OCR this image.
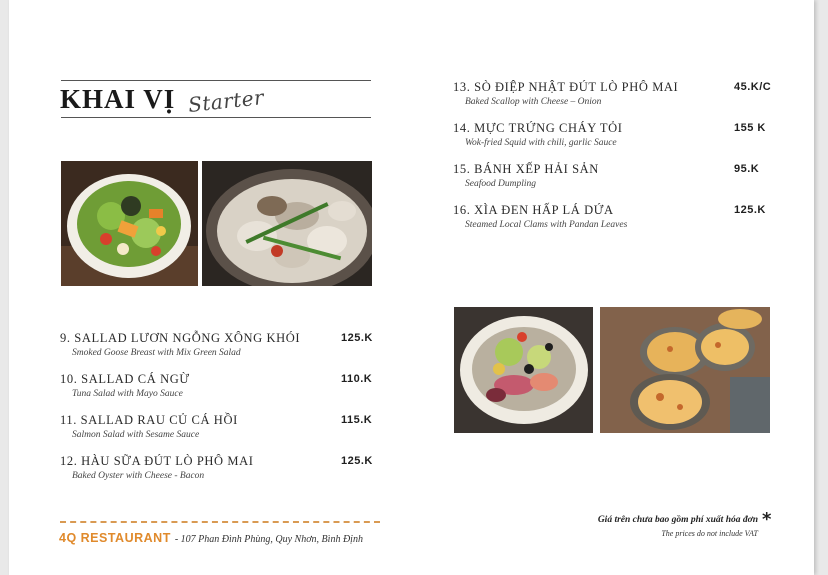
KHAI VỊ Starter
9. SALLAD LƯƠN NGỖNG XÔNG KHÓI
Smoked Goose Breast with Mix Green Salad
125.K
10. SALLAD CÁ NGỪ
Tuna Salad with Mayo Sauce
110.K
11. SALLAD RAU CỦ CÁ HỒI
Salmon Salad with Sesame Sauce
115.K
12. HÀU SỮA ĐÚT LÒ PHÔ MAI
Baked Oyster with Cheese - Bacon
125.K
13. SÒ ĐIỆP NHẬT ĐÚT LÒ PHÔ MAI
Baked Scallop with Cheese – Onion
45.K/C
14. MỰC TRỨNG CHÁY TỎI
Wok-fried Squid with chili, garlic Sauce
155 K
15. BÁNH XẾP HẢI SẢN
Seafood Dumpling
95.K
16. XÌA ĐEN HẤP LÁ DỨA
Steamed Local Clams with Pandan Leaves
125.K
4Q RESTAURANT - 107 Phan Đình Phùng, Quy Nhơn, Bình Định
Giá trên chưa bao gồm phí xuất hóa đơn
The prices do not include VAT
*
